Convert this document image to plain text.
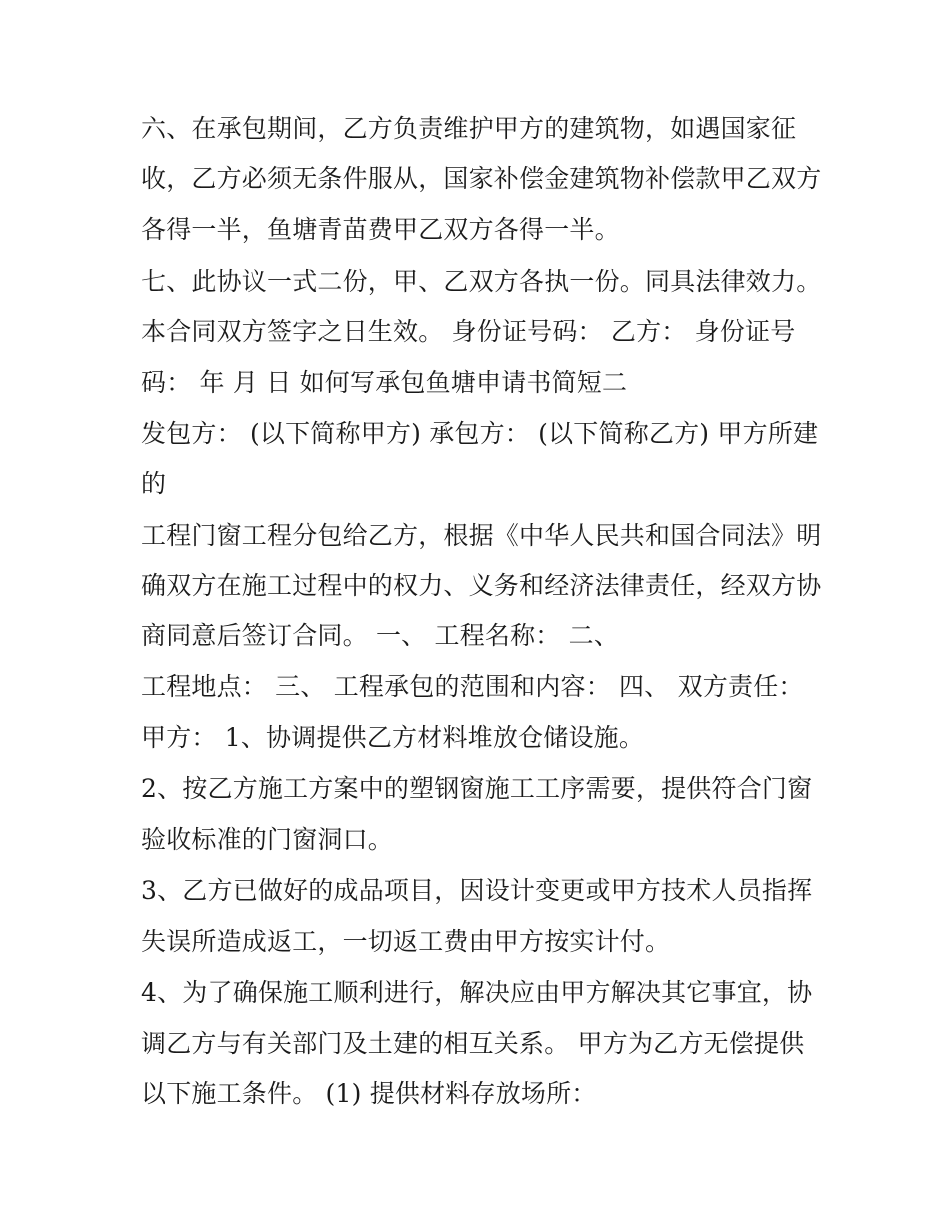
六、在承包期间，乙方负责维护甲方的建筑物，如遇国家征
收，乙方必须无条件服从，国家补偿金建筑物补偿款甲乙双方
各得一半，鱼塘青苗费甲乙双方各得一半。
七、此协议一式二份，甲、乙双方各执一份。同具法律效力。
本合同双方签字之日生效。 身份证号码： 乙方： 身份证号
码： 年 月 日 如何写承包鱼塘申请书简短二
发包方： (以下简称甲方) 承包方： (以下简称乙方) 甲方所建
的
工程门窗工程分包给乙方，根据《中华人民共和国合同法》明
确双方在施工过程中的权力、义务和经济法律责任，经双方协
商同意后签订合同。 一、 工程名称： 二、
工程地点： 三、 工程承包的范围和内容： 四、 双方责任：
甲方： 1、协调提供乙方材料堆放仓储设施。
2、按乙方施工方案中的塑钢窗施工工序需要，提供符合门窗
验收标准的门窗洞口。
3、乙方已做好的成品项目，因设计变更或甲方技术人员指挥
失误所造成返工，一切返工费由甲方按实计付。
4、为了确保施工顺利进行，解决应由甲方解决其它事宜，协
调乙方与有关部门及土建的相互关系。 甲方为乙方无偿提供
以下施工条件。 (1) 提供材料存放场所：
